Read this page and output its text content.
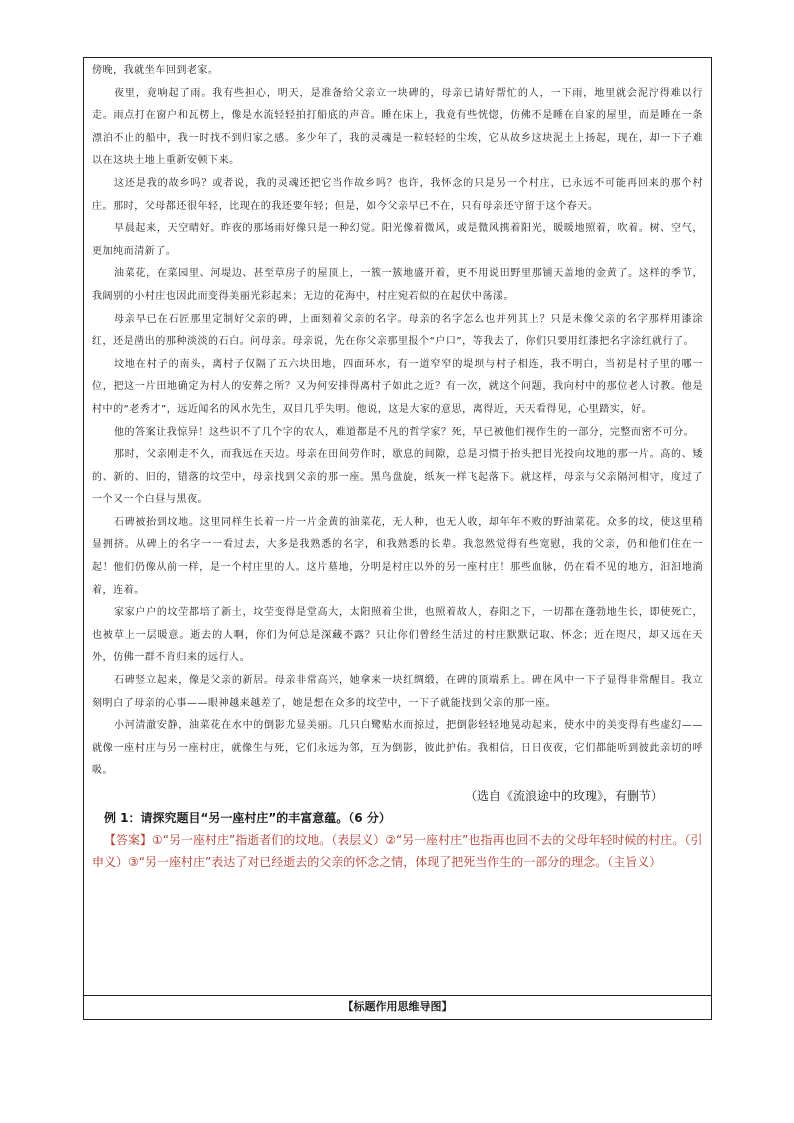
傍晚，我就坐车回到老家。

夜里，竟响起了雨。我有些担心，明天，是准备给父亲立一块碑的，母亲已请好帮忙的人，一下雨，地里就会泥泞得难以行走。雨点打在窗户和瓦楞上，像是水流轻轻拍打船底的声音。睡在床上，我竟有些恍惚，仿佛不是睡在自家的屋里，而是睡在一条漂泊不止的船中，我一时找不到归家之感。多少年了，我的灵魂是一粒轻轻的尘埃，它从故乡这块泥土上扬起，现在，却一下子难以在这块土地上重新安顿下来。

这还是我的故乡吗？或者说，我的灵魂还把它当作故乡吗？也许，我怀念的只是另一个村庄，已永远不可能再回来的那个村庄。那时，父母都还很年轻，比现在的我还要年轻；但是，如今父亲早已不在，只有母亲还守留于这个春天。

早晨起来，天空晴好。昨夜的那场雨好像只是一种幻觉。阳光像着微风，或是微风携着阳光，暖暖地照着，吹着。树、空气，更加纯而清新了。

油菜花，在菜园里、河堤边、甚至草房子的屋顶上，一簇一簇地盛开着，更不用说田野里那铺天盖地的金黄了。这样的季节，我阔别的小村庄也因此而变得美丽光彩起来；无边的花海中，村庄宛若似的在起伏中荡漾。

母亲早已在石匠那里定制好父亲的碑，上面刻着父亲的名字。母亲的名字怎么也并列其上？只是未像父亲的名字那样用漆涂红，还是凿出的那种淡淡的石白。问母亲。母亲说，先在你父亲那里报个“户口”，等我去了，你们只要用红漆把名字涂红就行了。

坟地在村子的南头，离村子仅隔了五六块田地，四面环水，有一道窄窄的堤坝与村子相连，我不明白，当初是村子里的哪一位，把这一片田地确定为村人的安葬之所？又为何安排得离村子如此之近？有一次，就这个问题，我向村中的那位老人讨教。他是村中的“老秀才”，远近闻名的风水先生，双目几乎失明。他说，这是大家的意思，离得近，天天看得见，心里踏实，好。

他的答案让我惊异！这些识不了几个字的农人，难道都是不凡的哲学家？死，早已被他们视作生的一部分，完整而密不可分。

那时，父亲刚走不久，而我远在天边。母亲在田间劳作时，歇息的间隙，总是习惯于抬头把目光投向坟地的那一片。高的、矮的、新的、旧的，错落的坟茔中，母亲找到父亲的那一座。黑鸟盘旋，纸灰一样飞起落下。就这样，母亲与父亲隔河相守，度过了一个又一个白昼与黑夜。

石碑被抬到坟地。这里同样生长着一片一片金黄的油菜花，无人种，也无人收，却年年不败的野油菜花。众多的坟，使这里稍显拥挤。从碑上的名字一一看过去，大多是我熟悉的名字，和我熟悉的长辈。我忽然觉得有些宽慰，我的父亲，仍和他们住在一起！他们仍像从前一样，是一个村庄里的人。这片墓地，分明是村庄以外的另一座村庄！那些血脉，仍在看不见的地方，汩汩地淌着，连着。

家家户户的坟茔都培了新土，坟茔变得是堂高大，太阳照着尘世，也照着故人，春阳之下，一切都在蓬勃地生长，即使死亡，也被草上一层暖意。逝去的人啊，你们为何总是深藏不露？只让你们曾经生活过的村庄默默记取、怀念；近在咫尺，却又远在天外，仿佛一群不肯归来的远行人。

石碑竖立起来，像是父亲的新居。母亲非常高兴，她拿来一块红绸缎，在碑的顶端系上。碑在风中一下子显得非常醒目。我立刻明白了母亲的心事——眼神越来越差了，她是想在众多的坟茔中，一下子就能找到父亲的那一座。

小河清澈安静，油菜花在水中的倒影尤显美丽。几只白鹭贴水而掠过，把倒影轻轻地晃动起来，使水中的美变得有些虚幻——就像一座村庄与另一座村庄，就像生与死，它们永远为邻，互为倒影，彼此护佑。我相信，日日夜夜，它们都能听到彼此亲切的呼吸。

（选自《流浪途中的玫瑰》，有删节）

例 1：请探究题目“另一座村庄”的丰富意蕴。（6 分）

【答案】①“另一座村庄”指逝者们的坟地。（表层义）②“另一座村庄”也指再也回不去的父母年轻时候的村庄。（引申义）③“另一座村庄”表达了对已经逝去的父亲的怀念之情，体现了把死当作生的一部分的理念。（主旨义）

【标题作用思维导图】
